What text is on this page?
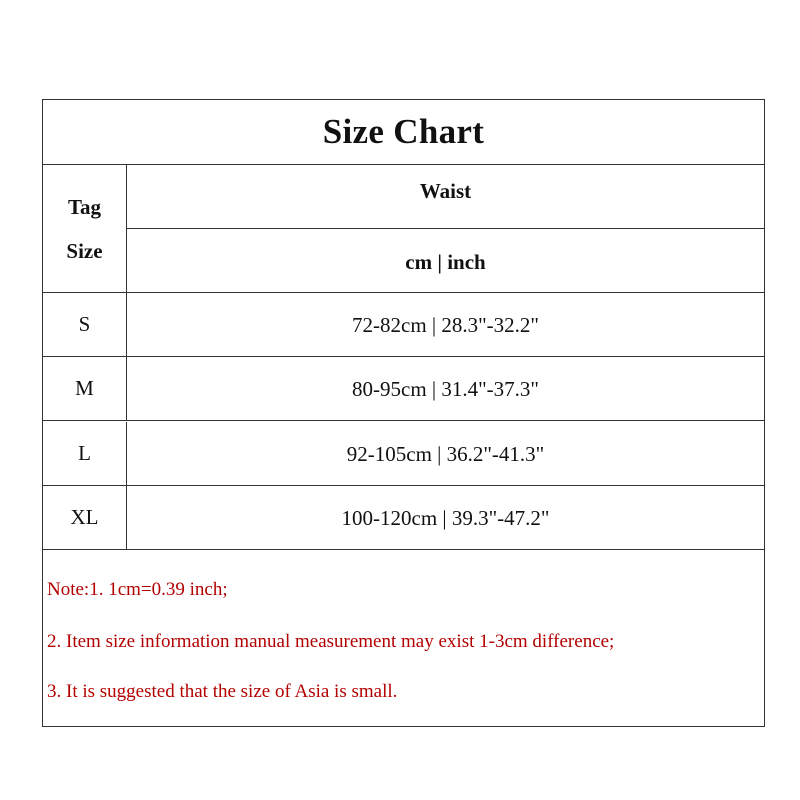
Size Chart
Tag
Size
Waist
cm | inch
S	72-82cm | 28.3"-32.2"
M	80-95cm | 31.4"-37.3"
L	92-105cm | 36.2"-41.3"
XL	100-120cm | 39.3"-47.2"
Note:1. 1cm=0.39 inch;
2. Item size information manual measurement may exist 1-3cm difference;
3. It is suggested that the size of Asia is small.
